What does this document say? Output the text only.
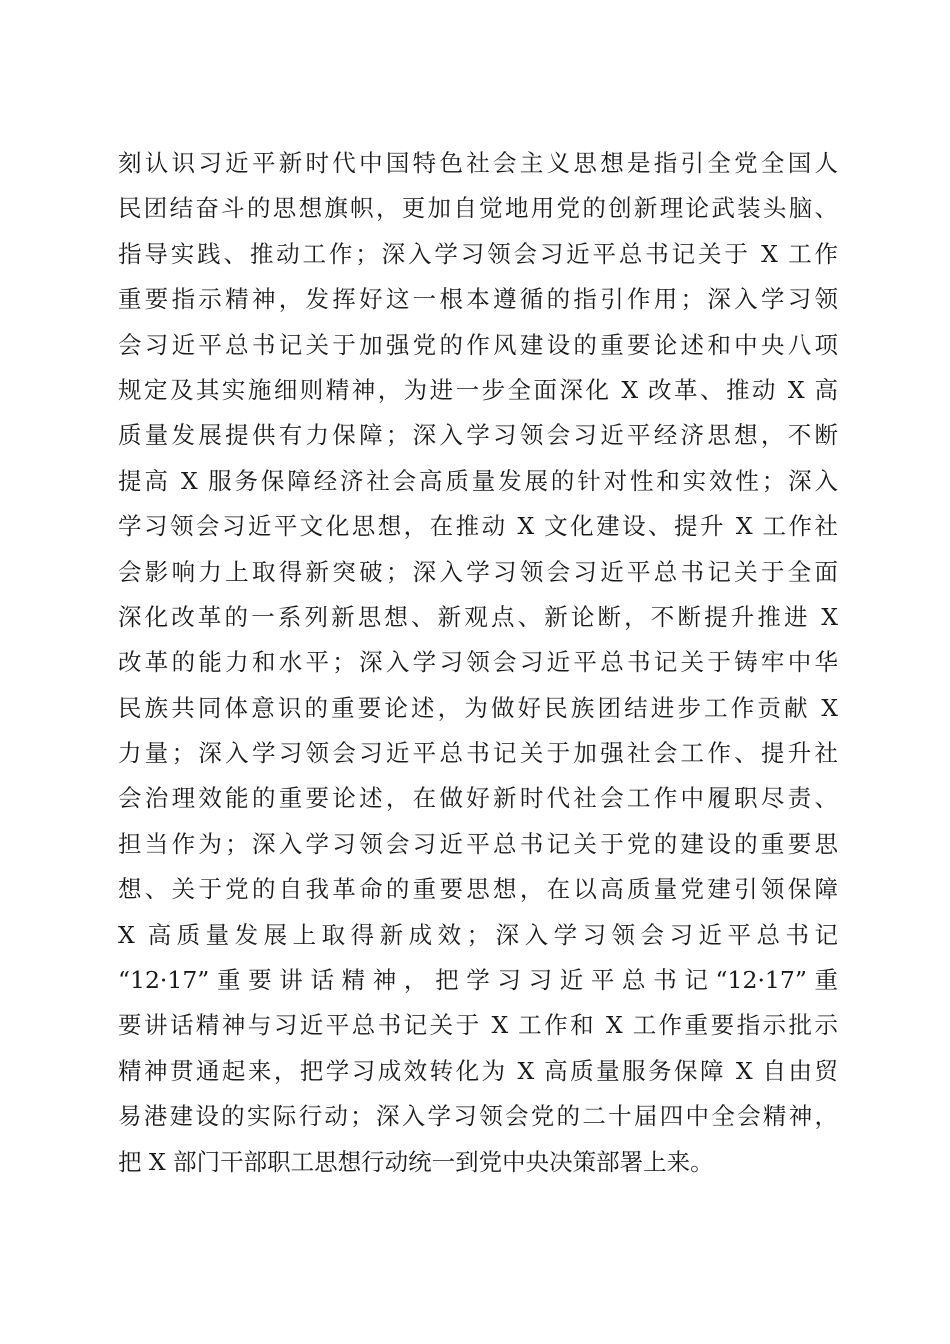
刻认识习近平新时代中国特色社会主义思想是指引全党全国人
民团结奋斗的思想旗帜，更加自觉地用党的创新理论武装头脑、
指导实践、推动工作；深入学习领会习近平总书记关于 X 工作
重要指示精神，发挥好这一根本遵循的指引作用；深入学习领
会习近平总书记关于加强党的作风建设的重要论述和中央八项
规定及其实施细则精神，为进一步全面深化 X 改革、推动 X 高
质量发展提供有力保障；深入学习领会习近平经济思想，不断
提高 X 服务保障经济社会高质量发展的针对性和实效性；深入
学习领会习近平文化思想，在推动 X 文化建设、提升 X 工作社
会影响力上取得新突破；深入学习领会习近平总书记关于全面
深化改革的一系列新思想、新观点、新论断，不断提升推进 X
改革的能力和水平；深入学习领会习近平总书记关于铸牢中华
民族共同体意识的重要论述，为做好民族团结进步工作贡献 X
力量；深入学习领会习近平总书记关于加强社会工作、提升社
会治理效能的重要论述，在做好新时代社会工作中履职尽责、
担当作为；深入学习领会习近平总书记关于党的建设的重要思
想、关于党的自我革命的重要思想，在以高质量党建引领保障
X 高质量发展上取得新成效；深入学习领会习近平总书记
“12·17”重要讲话精神，把学习习近平总书记“12·17”重
要讲话精神与习近平总书记关于 X 工作和 X 工作重要指示批示
精神贯通起来，把学习成效转化为 X 高质量服务保障 X 自由贸
易港建设的实际行动；深入学习领会党的二十届四中全会精神，
把 X 部门干部职工思想行动统一到党中央决策部署上来。
